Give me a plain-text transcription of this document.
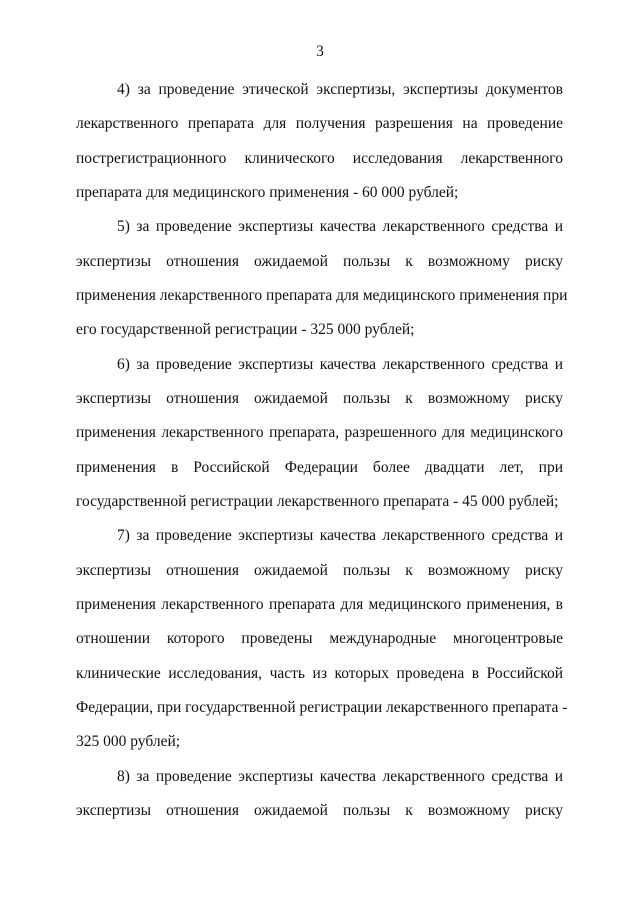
3
4) за проведение этической экспертизы, экспертизы документов
лекарственного препарата для получения разрешения на проведение
пострегистрационного клинического исследования лекарственного
препарата для медицинского применения - 60 000 рублей;
5) за проведение экспертизы качества лекарственного средства и
экспертизы отношения ожидаемой пользы к возможному риску
применения лекарственного препарата для медицинского применения при
его государственной регистрации - 325 000 рублей;
6) за проведение экспертизы качества лекарственного средства и
экспертизы отношения ожидаемой пользы к возможному риску
применения лекарственного препарата, разрешенного для медицинского
применения в Российской Федерации более двадцати лет, при
государственной регистрации лекарственного препарата - 45 000 рублей;
7) за проведение экспертизы качества лекарственного средства и
экспертизы отношения ожидаемой пользы к возможному риску
применения лекарственного препарата для медицинского применения, в
отношении которого проведены международные многоцентровые
клинические исследования, часть из которых проведена в Российской
Федерации, при государственной регистрации лекарственного препарата -
325 000 рублей;
8) за проведение экспертизы качества лекарственного средства и
экспертизы отношения ожидаемой пользы к возможному риску
